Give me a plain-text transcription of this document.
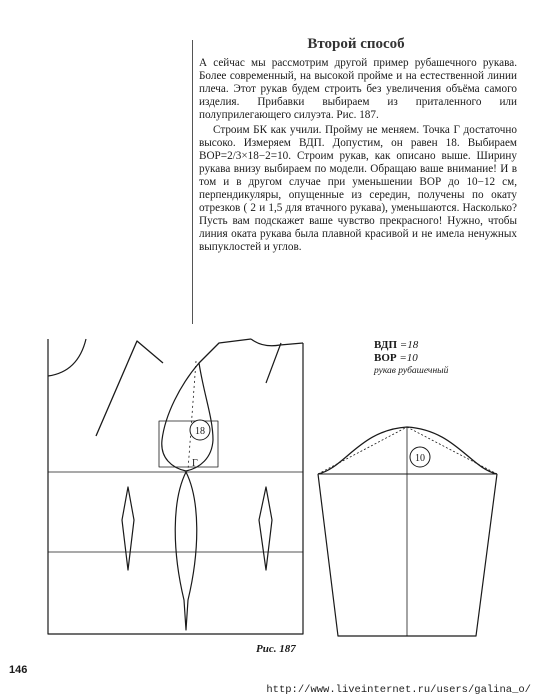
Второй способ

А сейчас мы рассмотрим другой пример рубашечного рукава. Более современный, на высокой пройме и на естественной линии плеча. Этот рукав будем строить без увеличения объёма самого изделия. Прибавки выбираем из приталенного или полуприлегающего силуэта. Рис. 187.

Строим БК как учили. Пройму не меняем. Точка Г достаточно высоко. Измеряем ВДП. Допустим, он равен 18. Выбираем ВОР=2/3×18−2=10. Строим рукав, как описано выше. Ширину рукава внизу выбираем по модели. Обращаю ваше внимание! И в том и в другом случае при уменьшении ВОР до 10−12 см, перпендикуляры, опущенные из середин, получены по окату отрезков ( 2 и 1,5 для втачного рукава), уменьшаются. Насколько? Пусть вам подскажет ваше чувство прекрасного! Нужно, чтобы линия оката рукава была плавной красивой и не имела ненужных выпуклостей и углов.

18
Г	10
ВДП =18
ВОР =10
рукав рубашечный
Рис. 187
146
http://www.liveinternet.ru/users/galina_o/
